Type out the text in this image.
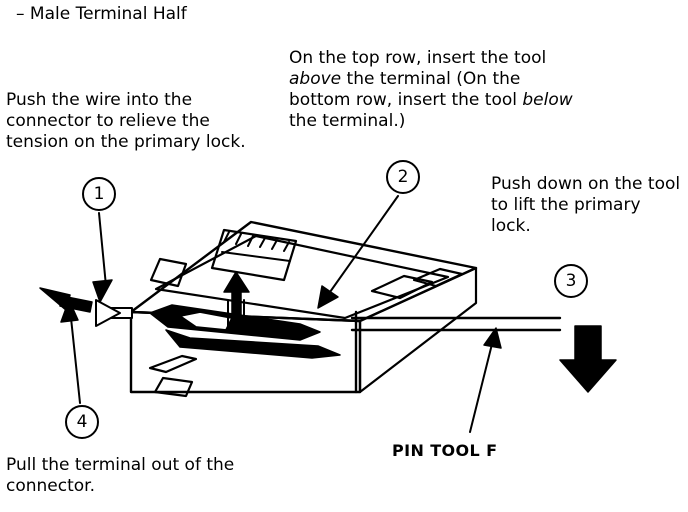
– Male Terminal Half
On the top row, insert the tool above the terminal (On the bottom row, insert the tool below the terminal.)
Push the wire into the connector to relieve the tension on the primary lock.
Push down on the tool to lift the primary lock.
Pull the terminal out of the connector.
PIN TOOL F
1
2
3
4
